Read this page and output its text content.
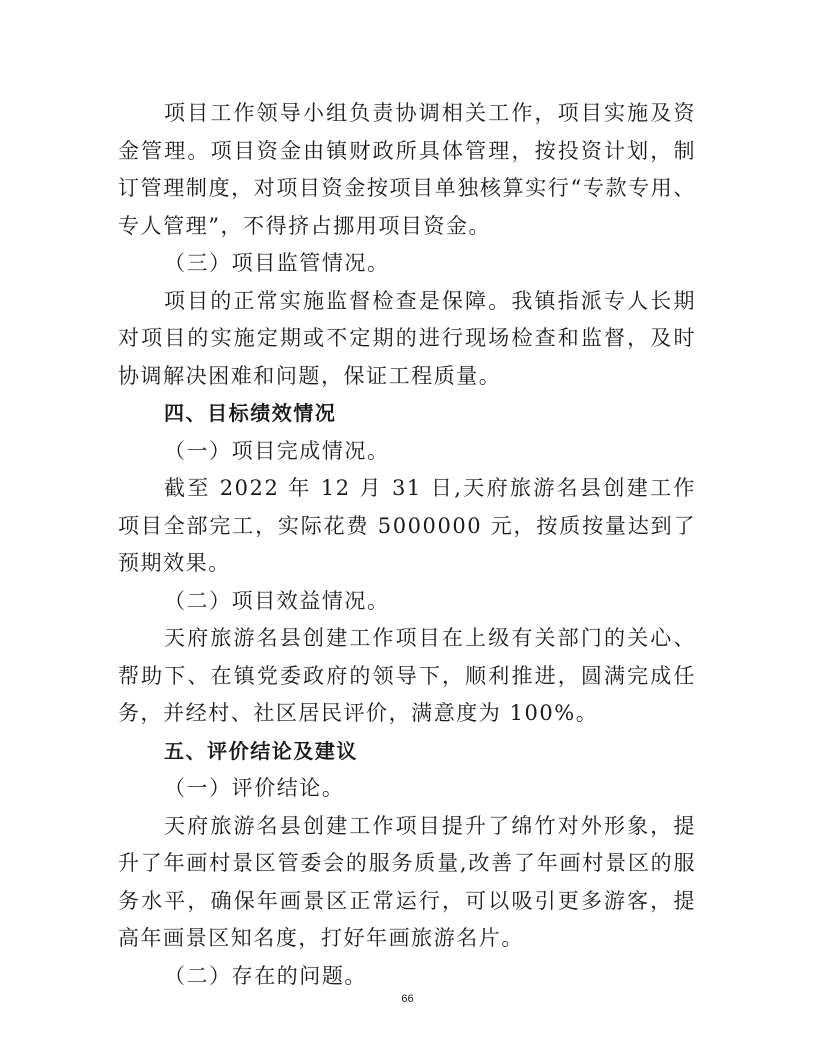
项目工作领导小组负责协调相关工作，项目实施及资金管理。项目资金由镇财政所具体管理，按投资计划，制订管理制度，对项目资金按项目单独核算实行“专款专用、专人管理”，不得挤占挪用项目资金。

（三）项目监管情况。

项目的正常实施监督检查是保障。我镇指派专人长期对项目的实施定期或不定期的进行现场检查和监督，及时协调解决困难和问题，保证工程质量。

四、目标绩效情况

（一）项目完成情况。

截至 2022 年 12 月 31 日,天府旅游名县创建工作项目全部完工，实际花费 5000000 元，按质按量达到了预期效果。

（二）项目效益情况。

天府旅游名县创建工作项目在上级有关部门的关心、帮助下、在镇党委政府的领导下，顺利推进，圆满完成任务，并经村、社区居民评价，满意度为 100%。

五、评价结论及建议

（一）评价结论。

天府旅游名县创建工作项目提升了绵竹对外形象，提升了年画村景区管委会的服务质量,改善了年画村景区的服务水平，确保年画景区正常运行，可以吸引更多游客，提高年画景区知名度，打好年画旅游名片。

（二）存在的问题。

66
